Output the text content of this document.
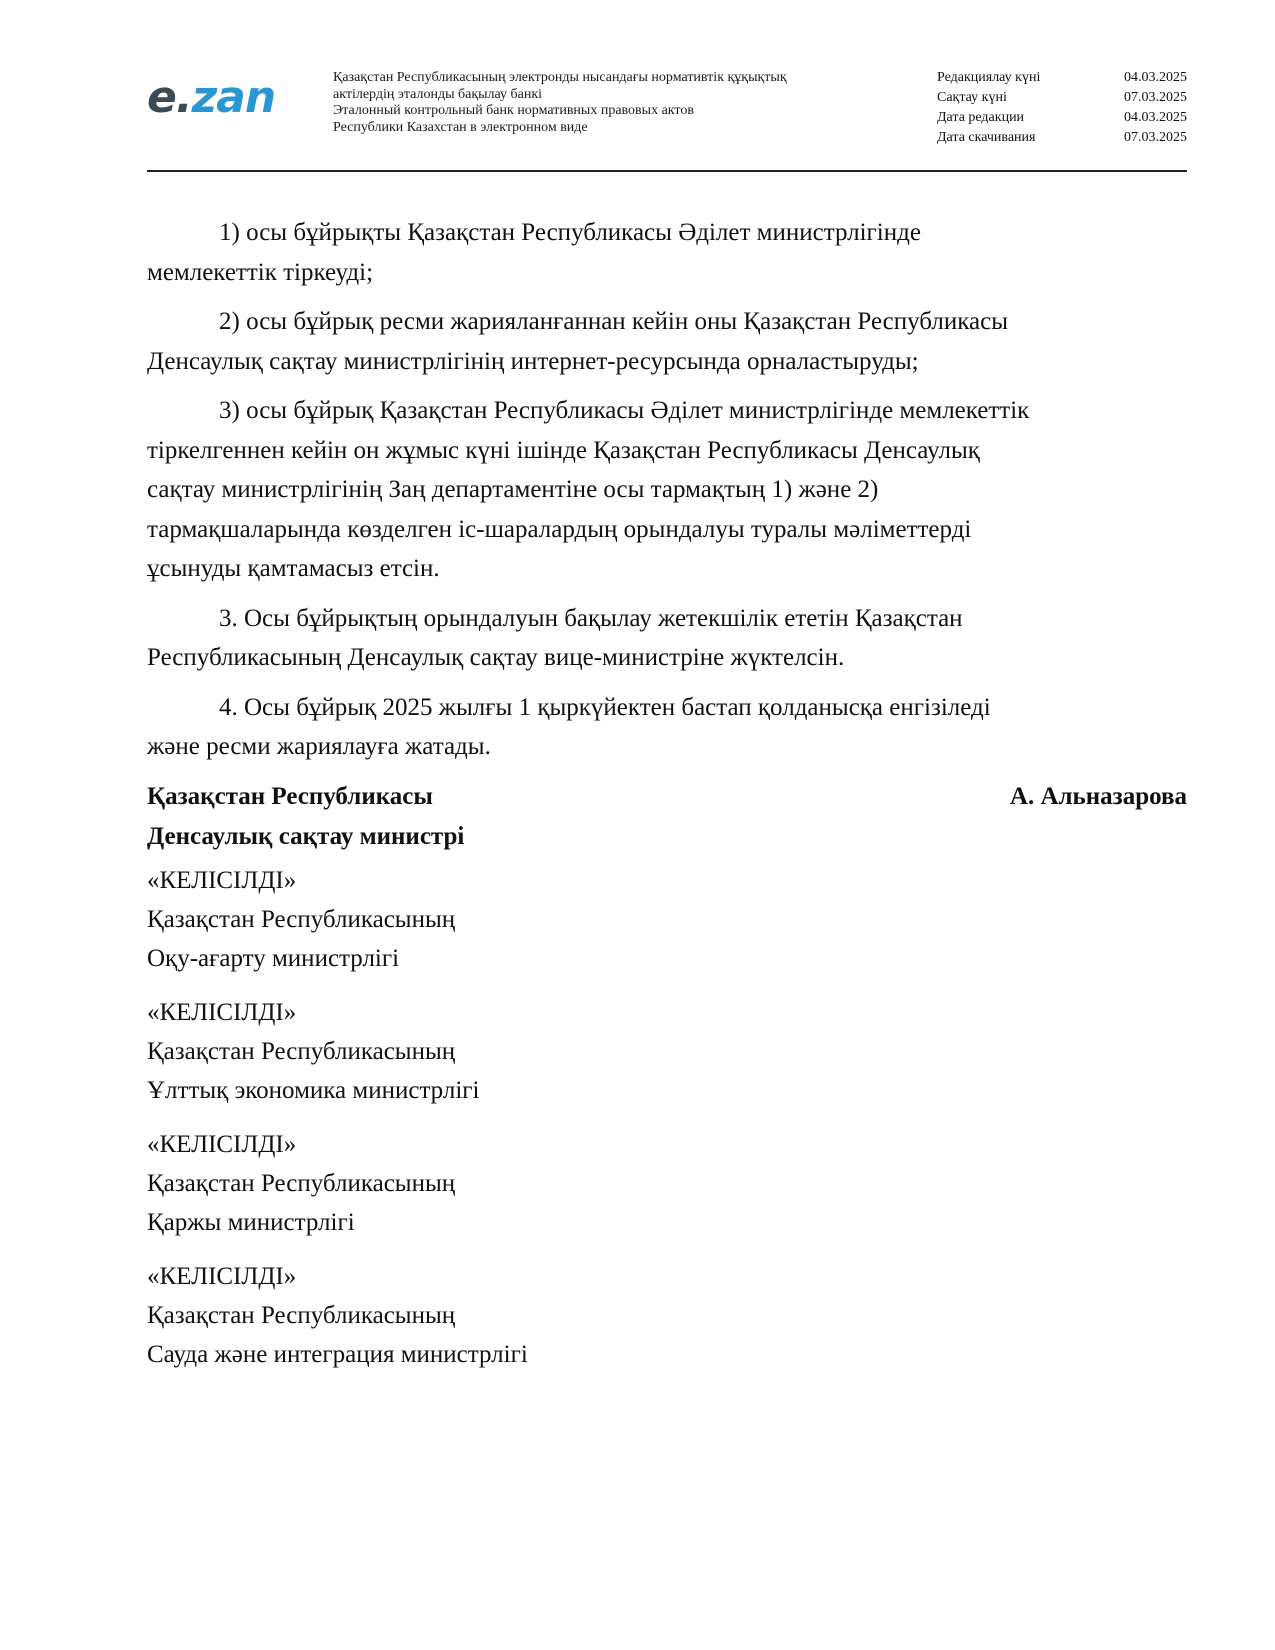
e.zan	Қазақстан Республикасының электронды нысандағы нормативтік құқықтық
актілердің эталонды бақылау банкі
Эталонный контрольный банк нормативных правовых актов
Республики Казахстан в электронном виде
Редакциялау күні	04.03.2025
Сақтау күні	07.03.2025
Дата редакции	04.03.2025
Дата скачивания	07.03.2025

1) осы бұйрықты Қазақстан Республикасы Әділет министрлігінде
мемлекеттік тіркеуді;

2) осы бұйрық ресми жарияланғаннан кейін оны Қазақстан Республикасы
Денсаулық сақтау министрлігінің интернет-ресурсында орналастыруды;

3) осы бұйрық Қазақстан Республикасы Әділет министрлігінде мемлекеттік
тіркелгеннен кейін он жұмыс күні ішінде Қазақстан Республикасы Денсаулық
сақтау министрлігінің Заң департаментіне осы тармақтың 1) және 2)
тармақшаларында көзделген іс-шаралардың орындалуы туралы мәліметтерді
ұсынуды қамтамасыз етсін.

3. Осы бұйрықтың орындалуын бақылау жетекшілік ететін Қазақстан
Республикасының Денсаулық сақтау вице-министріне жүктелсін.

4. Осы бұйрық 2025 жылғы 1 қыркүйектен бастап қолданысқа енгізіледі
және ресми жариялауға жатады.

Қазақстан Республикасы
Денсаулық сақтау министрі
А. Альназарова
«КЕЛІСІЛДІ»
Қазақстан Республикасының
Оқу-ағарту министрлігі
«КЕЛІСІЛДІ»
Қазақстан Республикасының
Ұлттық экономика министрлігі
«КЕЛІСІЛДІ»
Қазақстан Республикасының
Қаржы министрлігі
«КЕЛІСІЛДІ»
Қазақстан Республикасының
Сауда және интеграция министрлігі
